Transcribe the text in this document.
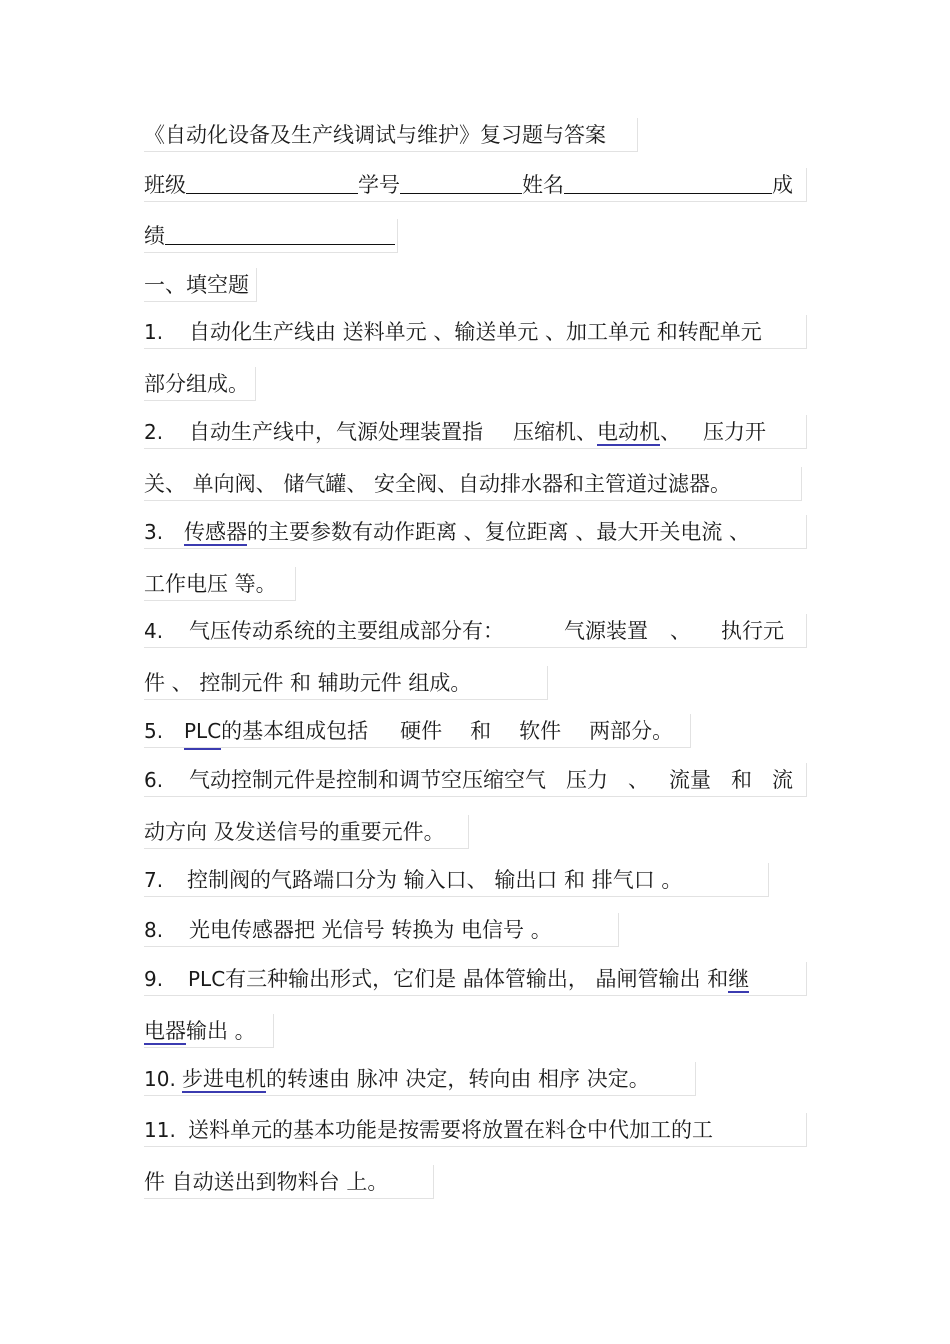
《自动化设备及生产线调试与维护》复习题与答案
班级	学号	姓名	成
绩
一、填空题
1. 自动化生产线由 送料单元 、输送单元 、加工单元 和转配单元
部分组成。
2. 自动生产线中，气源处理装置指 压缩机、电动机、 压力开
关、 单向阀、 储气罐、 安全阀、自动排水器和主管道过滤器。
3. 传感器的主要参数有动作距离 、复位距离 、最大开关电流 、
工作电压 等。
4. 气压传动系统的主要组成部分有：	气源装置 、 执行元
件 、 控制元件 和 辅助元件 组成。
5. PLC的基本组成包括 硬件 和 软件 两部分。
6. 气动控制元件是控制和调节空压缩空气 压力 、 流量 和 流
动方向 及发送信号的重要元件。
7. 控制阀的气路端口分为 输入口、 输出口 和 排气口 。
8. 光电传感器把 光信号 转换为 电信号 。
9. PLC有三种输出形式，它们是 晶体管输出， 晶闸管输出 和继
电器输出 。
10. 步进电机的转速由 脉冲 决定，转向由 相序 决定。
11. 送料单元的基本功能是按需要将放置在料仓中代加工的工
件 自动送出到物料台 上。
